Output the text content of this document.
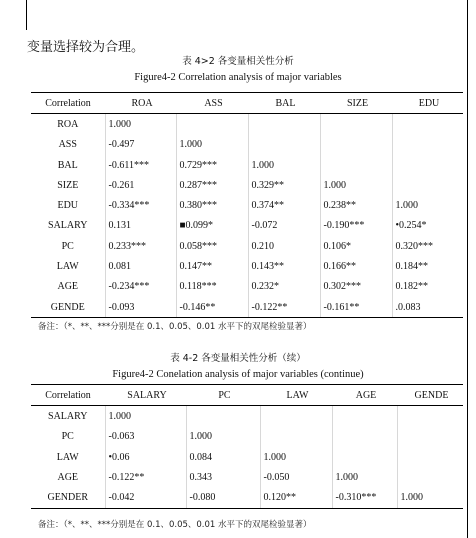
变量选择较为合理。
表 4>2 各变量相关性分析
Figure4-2 Correlation analysis of major variables
Correlation	ROA	ASS	BAL	SIZE	EDU
ROA	1.000				
ASS	-0.497	1.000			
BAL	-0.611***	0.729***	1.000		
SIZE	-0.261	0.287***	0.329**	1.000	
EDU	-0.334***	0.380***	0.374**	0.238**	1.000
SALARY	0.131	■0.099*	-0.072	-0.190***	•0.254*
PC	0.233***	0.058***	0.210	0.106*	0.320***
LAW	0.081	0.147**	0.143**	0.166**	0.184**
AGE	-0.234***	0.118***	0.232*	0.302***	0.182**
GENDE	-0.093	-0.146**	-0.122**	-0.161**	.0.083
备注：（*、**、***分别是在 0.1、0.05、0.01 水平下的双尾检验显著）
表 4-2 各变量相关性分析（续）
Figure4-2 Conelation analysis of major variables (continue)
Correlation	SALARY	PC	LAW	AGE	GENDE
SALARY	1.000				
PC	-0.063	1.000			
LAW	•0.06	0.084	1.000		
AGE	-0.122**	0.343	-0.050	1.000	
GENDER	-0.042	-0.080	0.120**	-0.310***	1.000
备注：（*、**、***分别是在 0.1、0.05、0.01 水平下的双尾检验显著）
